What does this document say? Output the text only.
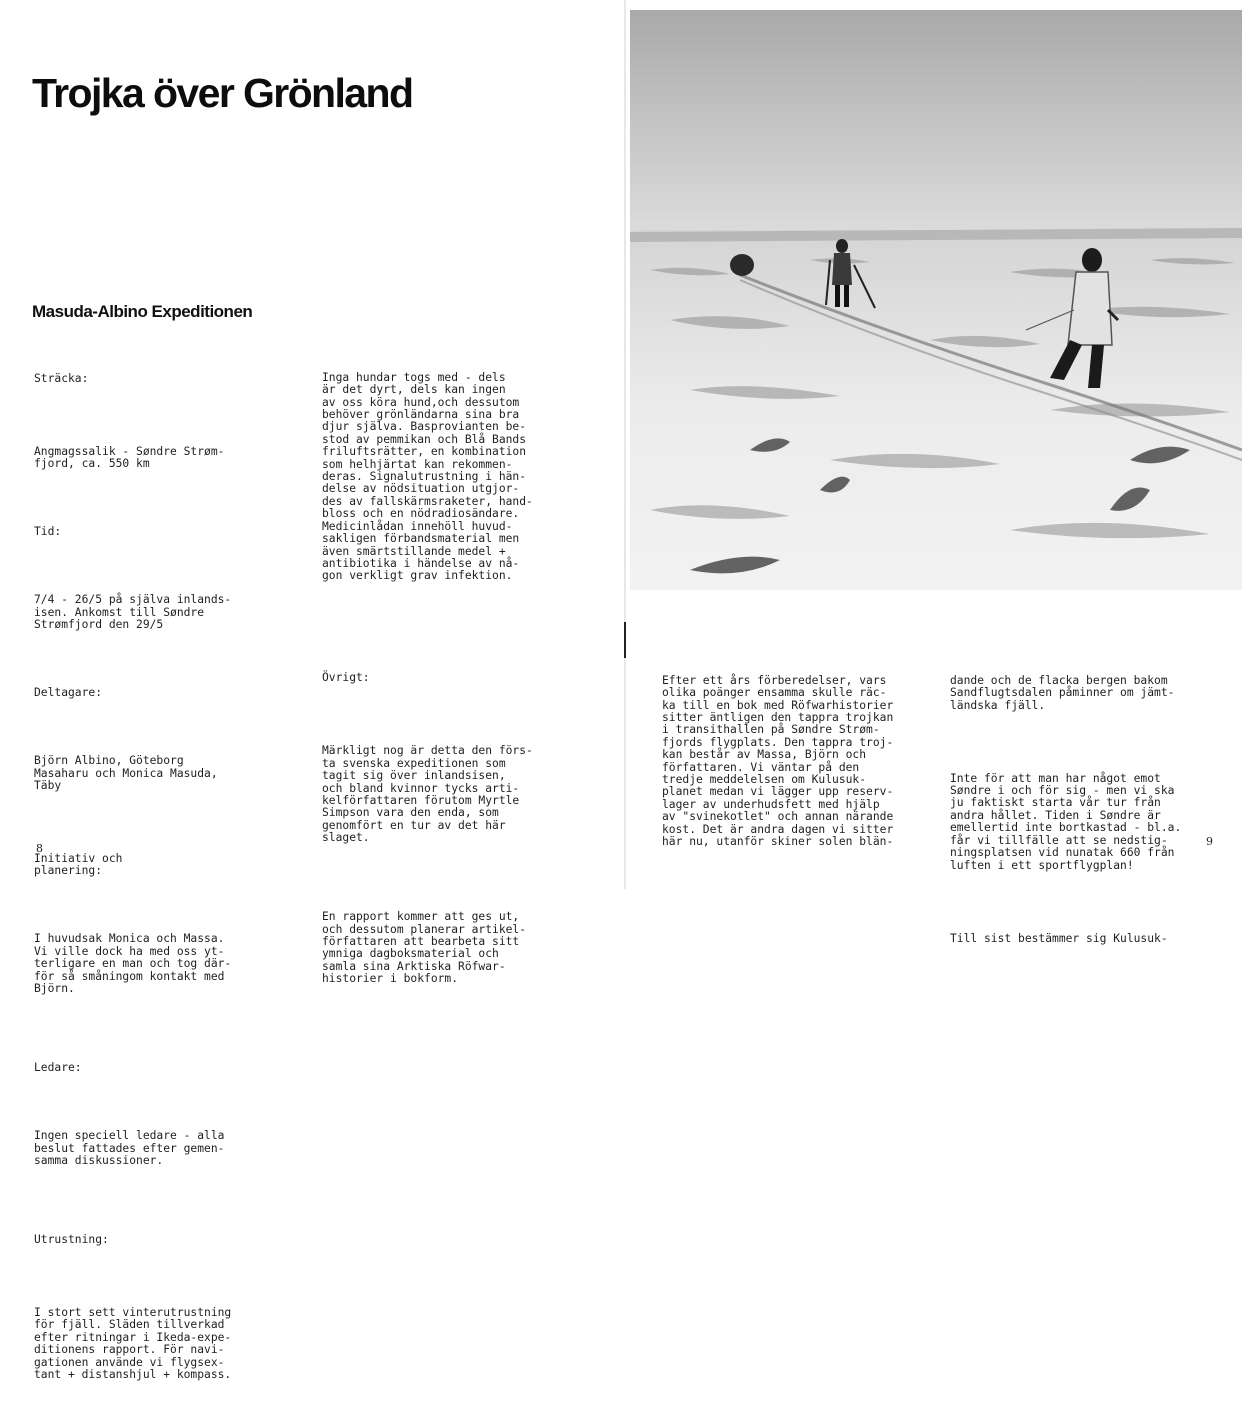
Trojka över Grönland
Masuda-Albino Expeditionen

Sträcka:

Angmagssalik - Søndre Strøm-
fjord, ca. 550 km

Tid:

7/4 - 26/5 på själva inlands-
isen. Ankomst till Søndre
Strømfjord den 29/5

Deltagare:

Björn Albino, Göteborg
Masaharu och Monica Masuda,
Täby

Initiativ och
planering:

I huvudsak Monica och Massa.
Vi ville dock ha med oss yt-
terligare en man och tog där-
för så småningom kontakt med
Björn.

Ledare:

Ingen speciell ledare - alla
beslut fattades efter gemen-
samma diskussioner.

Utrustning:

I stort sett vinterutrustning
för fjäll. Släden tillverkad
efter ritningar i Ikeda-expe-
ditionens rapport. För navi-
gationen använde vi flygsex-
tant + distanshjul + kompass.

Inga hundar togs med - dels
är det dyrt, dels kan ingen
av oss köra hund,och dessutom
behöver grönländarna sina bra
djur själva. Basprovianten be-
stod av pemmikan och Blå Bands
friluftsrätter, en kombination
som helhjärtat kan rekommen-
deras. Signalutrustning i hän-
delse av nödsituation utgjor-
des av fallskärmsraketer, hand-
bloss och en nödradiosändare.
Medicinlådan innehöll huvud-
sakligen förbandsmaterial men
även smärtstillande medel +
antibiotika i händelse av nå-
gon verkligt grav infektion.

Övrigt:

Märkligt nog är detta den förs-
ta svenska expeditionen som
tagit sig över inlandsisen,
och bland kvinnor tycks arti-
kelförfattaren förutom Myrtle
Simpson vara den enda, som
genomfört en tur av det här
slaget.

En rapport kommer att ges ut,
och dessutom planerar artikel-
författaren att bearbeta sitt
ymniga dagboksmaterial och
samla sina Arktiska Röfwar-
historier i bokform.

8

Efter ett års förberedelser, vars
olika poänger ensamma skulle räc-
ka till en bok med Röfwarhistorier
sitter äntligen den tappra trojkan
i transithallen på Søndre Strøm-
fjords flygplats. Den tappra troj-
kan består av Massa, Björn och
författaren. Vi väntar på den
tredje meddelelsen om Kulusuk-
planet medan vi lägger upp reserv-
lager av underhudsfett med hjälp
av "svinekotlet" och annan närande
kost. Det är andra dagen vi sitter
här nu, utanför skiner solen blän-

dande och de flacka bergen bakom
Sandflugtsdalen påminner om jämt-
ländska fjäll.

Inte för att man har något emot
Søndre i och för sig - men vi ska
ju faktiskt starta vår tur från
andra hållet. Tiden i Søndre är
emellertid inte bortkastad - bl.a.
får vi tillfälle att se nedstig-
ningsplatsen vid nunatak 660 från
luften i ett sportflygplan!

Till sist bestämmer sig Kulusuk-

9
